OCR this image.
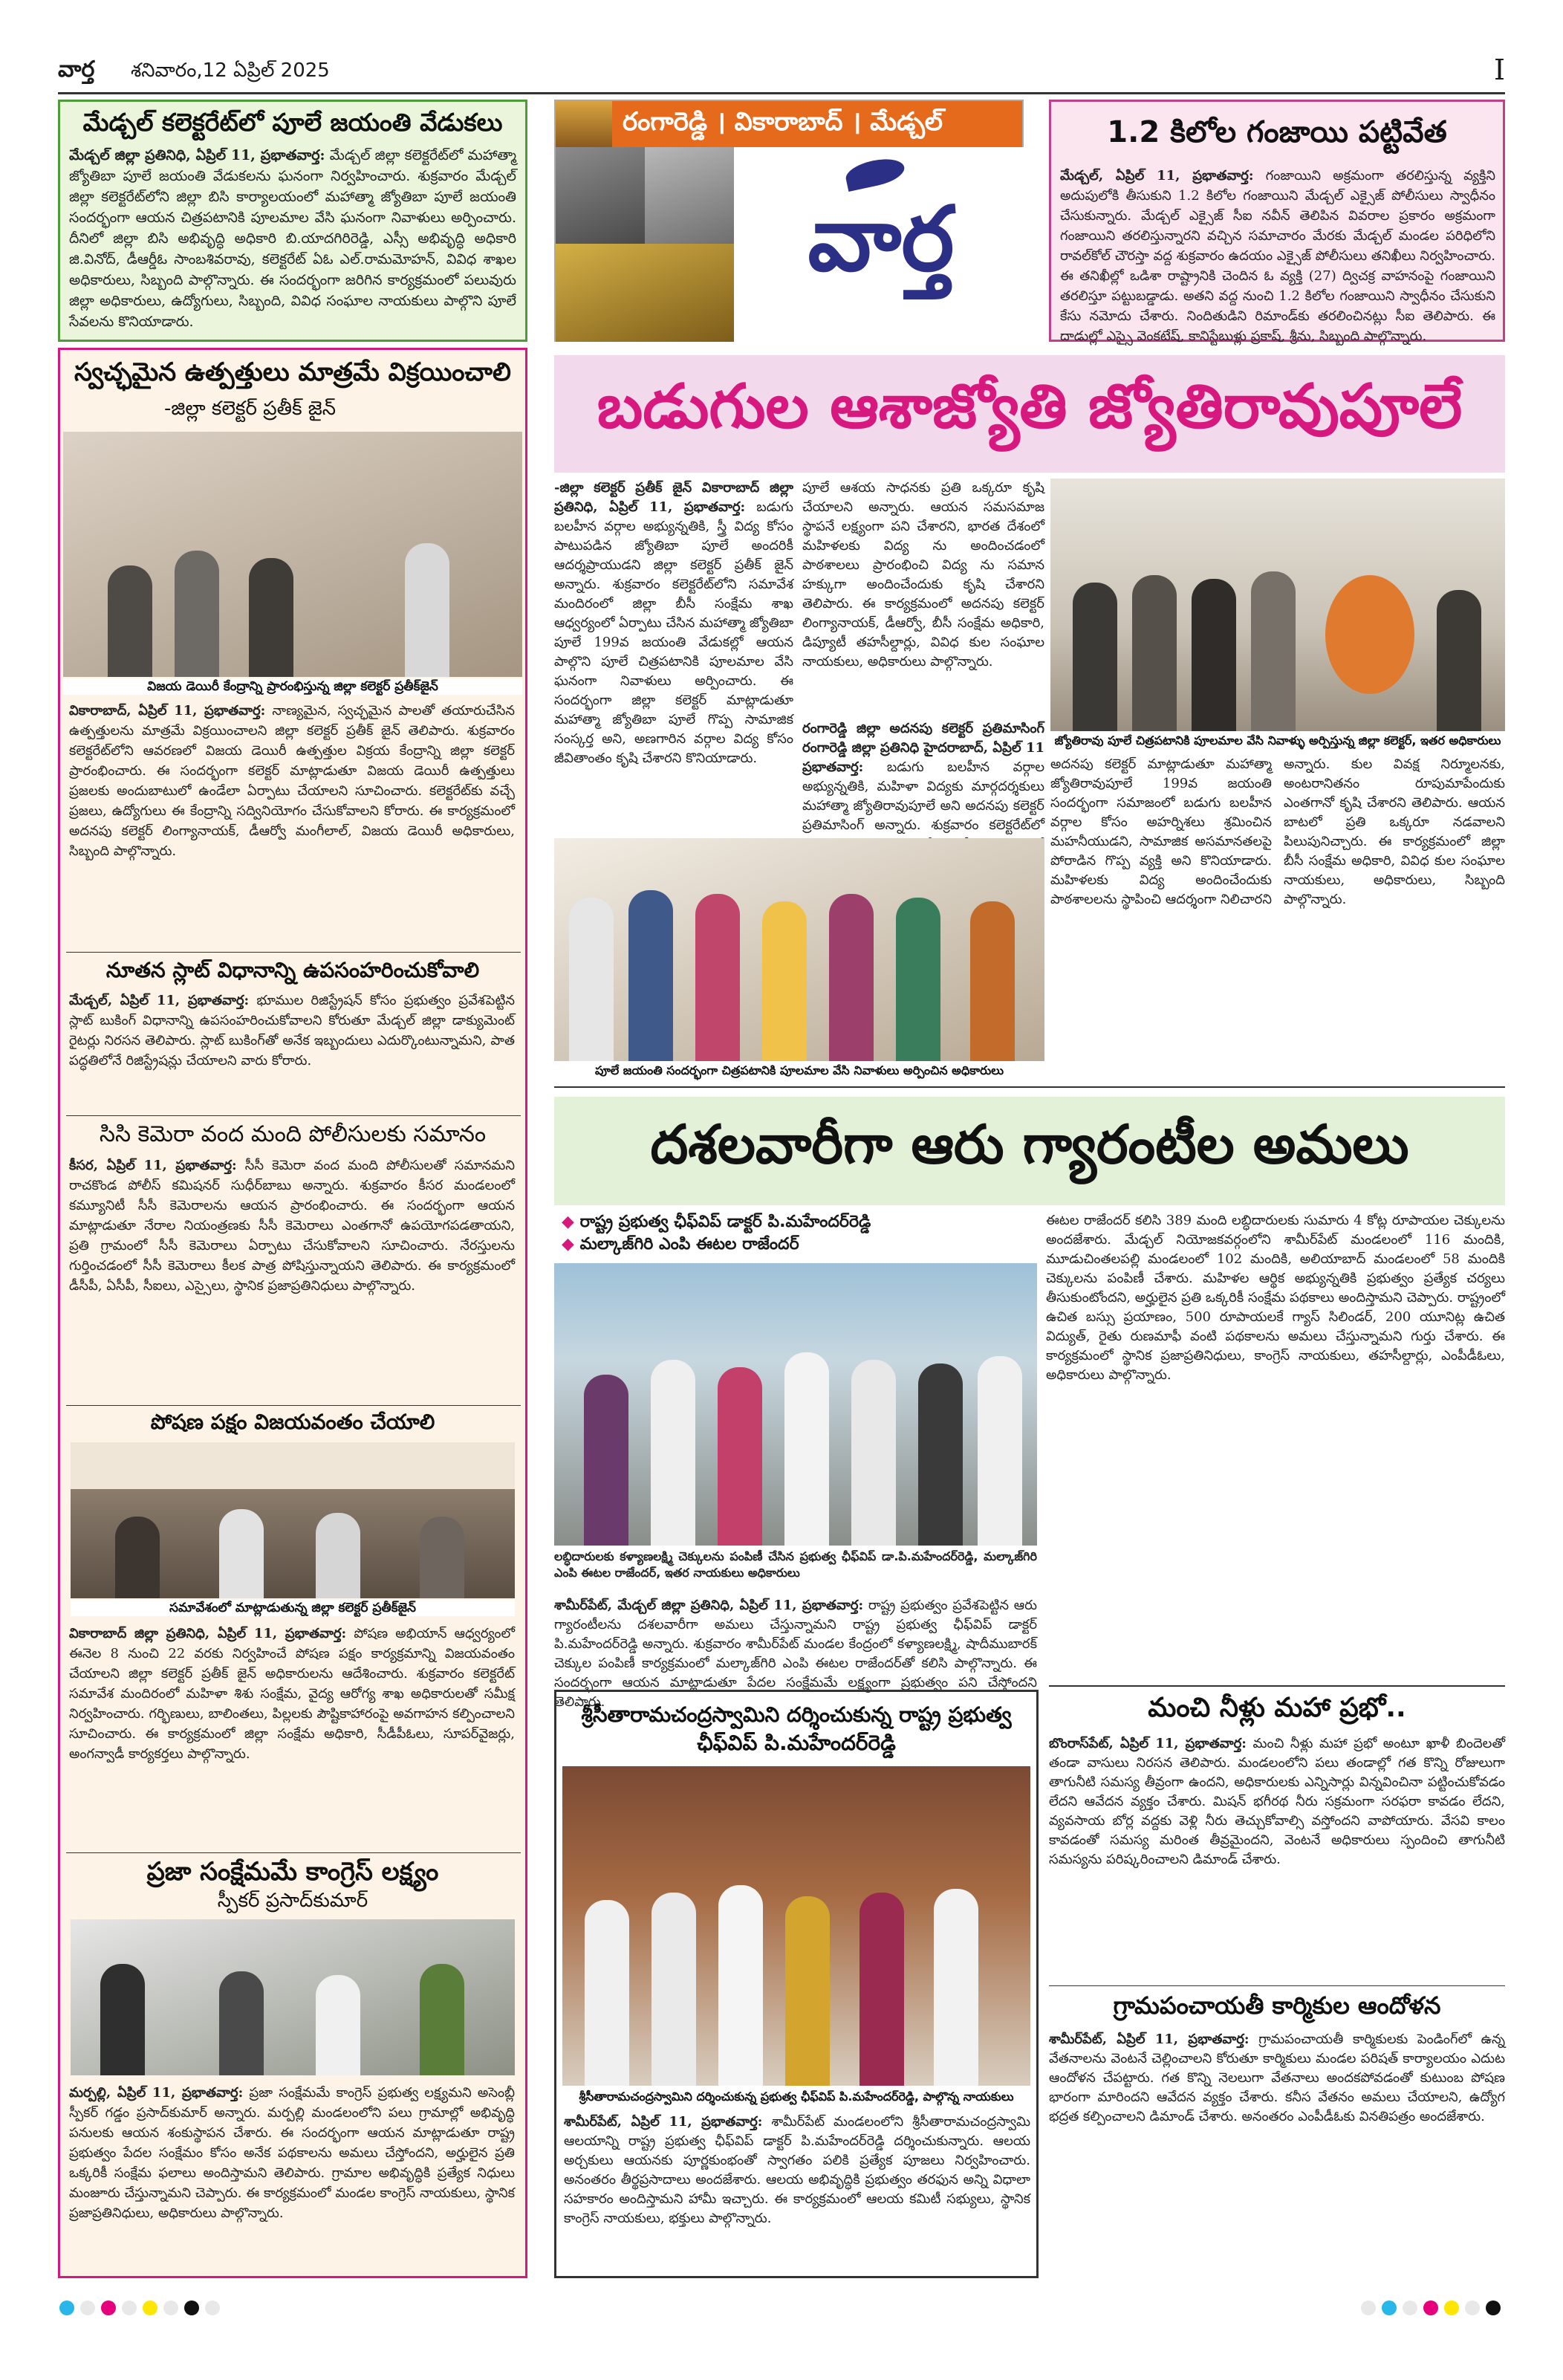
వార్త శనివారం,12 ఏప్రిల్ 2025	I
మేడ్చల్ కలెక్టరేట్‌లో పూలే జయంతి వేడుకలు
మేడ్చల్ జిల్లా ప్రతినిధి, ఏప్రిల్ 11, ప్రభాతవార్త: మేడ్చల్ జిల్లా కలెక్టరేట్‌లో మహాత్మా జ్యోతిబా పూలే జయంతి వేడుకలను ఘనంగా నిర్వహించారు. శుక్రవారం మేడ్చల్ జిల్లా కలెక్టరేట్‌లోని జిల్లా బిసి కార్యాలయంలో మహాత్మా జ్యోతిబా పూలే జయంతి సందర్భంగా ఆయన చిత్రపటానికి పూలమాల వేసి ఘనంగా నివాళులు అర్పించారు. దీనిలో జిల్లా బిసి అభివృద్ధి అధికారి బి.యాదగిరిరెడ్డి, ఎస్సీ అభివృద్ధి అధికారి జి.వినోద్, డీఆర్డీఓ సాంబశివరావు, కలెక్టరేట్ ఏఓ ఎల్.రామమోహన్, వివిధ శాఖల అధికారులు, సిబ్బంది పాల్గొన్నారు. ఈ సందర్భంగా జరిగిన కార్యక్రమంలో పలువురు జిల్లా అధికారులు, ఉద్యోగులు, సిబ్బంది, వివిధ సంఘాల నాయకులు పాల్గొని పూలే సేవలను కొనియాడారు.
రంగారెడ్డి । వికారాబాద్ । మేడ్చల్
వార్త
1.2 కిలోల గంజాయి పట్టివేత
మేడ్చల్, ఏప్రిల్ 11, ప్రభాతవార్త: గంజాయిని అక్రమంగా తరలిస్తున్న వ్యక్తిని అదుపులోకి తీసుకుని 1.2 కిలోల గంజాయిని మేడ్చల్ ఎక్సైజ్ పోలీసులు స్వాధీనం చేసుకున్నారు. మేడ్చల్ ఎక్సైజ్ సీఐ నవీన్ తెలిపిన వివరాల ప్రకారం అక్రమంగా గంజాయిని తరలిస్తున్నారని వచ్చిన సమాచారం మేరకు మేడ్చల్ మండల పరిధిలోని రావల్‌కోల్ చౌరస్తా వద్ద శుక్రవారం ఉదయం ఎక్సైజ్ పోలీసులు తనిఖీలు నిర్వహించారు. ఈ తనిఖీల్లో ఒడిశా రాష్ట్రానికి చెందిన ఓ వ్యక్తి (27) ద్విచక్ర వాహనంపై గంజాయిని తరలిస్తూ పట్టుబడ్డాడు. అతని వద్ద నుంచి 1.2 కిలోల గంజాయిని స్వాధీనం చేసుకుని కేసు నమోదు చేశారు. నిందితుడిని రిమాండ్‌కు తరలించినట్లు సీఐ తెలిపారు. ఈ దాడుల్లో ఎస్సై వెంకటేష్, కానిస్టేబుళ్లు ప్రకాష్, శ్రీను, సిబ్బంది పాల్గొన్నారు.
స్వచ్ఛమైన ఉత్పత్తులు మాత్రమే విక్రయించాలి
-జిల్లా కలెక్టర్ ప్రతీక్ జైన్
విజయ డెయిరీ కేంద్రాన్ని ప్రారంభిస్తున్న జిల్లా కలెక్టర్ ప్రతీక్‌జైన్
వికారాబాద్, ఏప్రిల్ 11, ప్రభాతవార్త: నాణ్యమైన, స్వచ్ఛమైన పాలతో తయారుచేసిన ఉత్పత్తులను మాత్రమే విక్రయించాలని జిల్లా కలెక్టర్ ప్రతీక్ జైన్ తెలిపారు. శుక్రవారం కలెక్టరేట్‌లోని ఆవరణలో విజయ డెయిరీ ఉత్పత్తుల విక్రయ కేంద్రాన్ని జిల్లా కలెక్టర్ ప్రారంభించారు. ఈ సందర్భంగా కలెక్టర్ మాట్లాడుతూ విజయ డెయిరీ ఉత్పత్తులు ప్రజలకు అందుబాటులో ఉండేలా ఏర్పాటు చేయాలని సూచించారు. కలెక్టరేట్‌కు వచ్చే ప్రజలు, ఉద్యోగులు ఈ కేంద్రాన్ని సద్వినియోగం చేసుకోవాలని కోరారు. ఈ కార్యక్రమంలో అదనపు కలెక్టర్ లింగ్యానాయక్, డీఆర్వో మంగీలాల్, విజయ డెయిరీ అధికారులు, సిబ్బంది పాల్గొన్నారు.
నూతన స్లాట్ విధానాన్ని ఉపసంహరించుకోవాలి
మేడ్చల్, ఏప్రిల్ 11, ప్రభాతవార్త: భూముల రిజిస్ట్రేషన్ కోసం ప్రభుత్వం ప్రవేశపెట్టిన స్లాట్ బుకింగ్ విధానాన్ని ఉపసంహరించుకోవాలని కోరుతూ మేడ్చల్ జిల్లా డాక్యుమెంట్ రైటర్లు నిరసన తెలిపారు. స్లాట్ బుకింగ్‌తో అనేక ఇబ్బందులు ఎదుర్కొంటున్నామని, పాత పద్ధతిలోనే రిజిస్ట్రేషన్లు చేయాలని వారు కోరారు.
సిసి కెమెరా వంద మంది పోలీసులకు సమానం
కీసర, ఏప్రిల్ 11, ప్రభాతవార్త: సీసీ కెమెరా వంద మంది పోలీసులతో సమానమని రాచకొండ పోలీస్ కమిషనర్ సుధీర్‌బాబు అన్నారు. శుక్రవారం కీసర మండలంలో కమ్యూనిటీ సీసీ కెమెరాలను ఆయన ప్రారంభించారు. ఈ సందర్భంగా ఆయన మాట్లాడుతూ నేరాల నియంత్రణకు సీసీ కెమెరాలు ఎంతగానో ఉపయోగపడతాయని, ప్రతి గ్రామంలో సీసీ కెమెరాలు ఏర్పాటు చేసుకోవాలని సూచించారు. నేరస్తులను గుర్తించడంలో సీసీ కెమెరాలు కీలక పాత్ర పోషిస్తున్నాయని తెలిపారు. ఈ కార్యక్రమంలో డీసీపీ, ఏసీపీ, సీఐలు, ఎస్సైలు, స్థానిక ప్రజాప్రతినిధులు పాల్గొన్నారు.
పోషణ పక్షం విజయవంతం చేయాలి
సమావేశంలో మాట్లాడుతున్న జిల్లా కలెక్టర్ ప్రతీక్‌జైన్
వికారాబాద్ జిల్లా ప్రతినిధి, ఏప్రిల్ 11, ప్రభాతవార్త: పోషణ అభియాన్ ఆధ్వర్యంలో ఈనెల 8 నుంచి 22 వరకు నిర్వహించే పోషణ పక్షం కార్యక్రమాన్ని విజయవంతం చేయాలని జిల్లా కలెక్టర్ ప్రతీక్ జైన్ అధికారులను ఆదేశించారు. శుక్రవారం కలెక్టరేట్ సమావేశ మందిరంలో మహిళా శిశు సంక్షేమ, వైద్య ఆరోగ్య శాఖ అధికారులతో సమీక్ష నిర్వహించారు. గర్భిణులు, బాలింతలు, పిల్లలకు పౌష్టికాహారంపై అవగాహన కల్పించాలని సూచించారు. ఈ కార్యక్రమంలో జిల్లా సంక్షేమ అధికారి, సీడీపీఓలు, సూపర్‌వైజర్లు, అంగన్వాడీ కార్యకర్తలు పాల్గొన్నారు.
ప్రజా సంక్షేమమే కాంగ్రెస్ లక్ష్యం
స్పీకర్ ప్రసాద్‌కుమార్
మర్పల్లి, ఏప్రిల్ 11, ప్రభాతవార్త: ప్రజా సంక్షేమమే కాంగ్రెస్ ప్రభుత్వ లక్ష్యమని అసెంబ్లీ స్పీకర్ గడ్డం ప్రసాద్‌కుమార్ అన్నారు. మర్పల్లి మండలంలోని పలు గ్రామాల్లో అభివృద్ధి పనులకు ఆయన శంకుస్థాపన చేశారు. ఈ సందర్భంగా ఆయన మాట్లాడుతూ రాష్ట్ర ప్రభుత్వం పేదల సంక్షేమం కోసం అనేక పథకాలను అమలు చేస్తోందని, అర్హులైన ప్రతి ఒక్కరికీ సంక్షేమ ఫలాలు అందిస్తామని తెలిపారు. గ్రామాల అభివృద్ధికి ప్రత్యేక నిధులు మంజూరు చేస్తున్నామని చెప్పారు. ఈ కార్యక్రమంలో మండల కాంగ్రెస్ నాయకులు, స్థానిక ప్రజాప్రతినిధులు, అధికారులు పాల్గొన్నారు.
బడుగుల ఆశాజ్యోతి జ్యోతిరావుపూలే
-జిల్లా కలెక్టర్ ప్రతీక్ జైన్ వికారాబాద్ జిల్లా ప్రతినిధి, ఏప్రిల్ 11, ప్రభాతవార్త: బడుగు బలహీన వర్గాల అభ్యున్నతికి, స్త్రీ విద్య కోసం పాటుపడిన జ్యోతిబా పూలే అందరికీ ఆదర్శప్రాయుడని జిల్లా కలెక్టర్ ప్రతీక్ జైన్ అన్నారు. శుక్రవారం కలెక్టరేట్‌లోని సమావేశ మందిరంలో జిల్లా బీసీ సంక్షేమ శాఖ ఆధ్వర్యంలో ఏర్పాటు చేసిన మహాత్మా జ్యోతిబా పూలే 199వ జయంతి వేడుకల్లో ఆయన పాల్గొని పూలే చిత్రపటానికి పూలమాల వేసి ఘనంగా నివాళులు అర్పించారు. ఈ సందర్భంగా జిల్లా కలెక్టర్ మాట్లాడుతూ మహాత్మా జ్యోతిబా పూలే గొప్ప సామాజిక సంస్కర్త అని, అణగారిన వర్గాల విద్య కోసం జీవితాంతం కృషి చేశారని కొనియాడారు.
పూలే ఆశయ సాధనకు ప్రతి ఒక్కరూ కృషి చేయాలని అన్నారు. ఆయన సమసమాజ స్థాపనే లక్ష్యంగా పని చేశారని, భారత దేశంలో మహిళలకు విద్య ను అందించడంలో పాఠశాలలు ప్రారంభించి విద్య ను సమాన హక్కుగా అందించేందుకు కృషి చేశారని తెలిపారు. ఈ కార్యక్రమంలో అదనపు కలెక్టర్ లింగ్యానాయక్, డీఆర్వో, బీసీ సంక్షేమ అధికారి, డిప్యూటీ తహసీల్దార్లు, వివిధ కుల సంఘాల నాయకులు, అధికారులు పాల్గొన్నారు.
రంగారెడ్డి జిల్లా అదనపు కలెక్టర్ ప్రతిమాసింగ్ రంగారెడ్డి జిల్లా ప్రతినిధి హైదరాబాద్, ఏప్రిల్ 11 ప్రభాతవార్త: బడుగు బలహీన వర్గాల అభ్యున్నతికి, మహిళా విద్యకు మార్గదర్శకులు మహాత్మా జ్యోతిరావుపూలే అని అదనపు కలెక్టర్ ప్రతిమాసింగ్ అన్నారు. శుక్రవారం కలెక్టరేట్‌లో
జ్యోతిరావు పూలే చిత్రపటానికి పూలమాల వేసి నివాళ్ళు అర్పిస్తున్న జిల్లా కలెక్టర్, ఇతర అధికారులు
పూలే జయంతి సందర్భంగా చిత్రపటానికి పూలమాల వేసి నివాళులు అర్పించిన అధికారులు
అదనపు కలెక్టర్ మాట్లాడుతూ మహాత్మా జ్యోతిరావుపూలే 199వ జయంతి సందర్భంగా సమాజంలో బడుగు బలహీన వర్గాల కోసం అహర్నిశలు శ్రమించిన మహనీయుడని, సామాజిక అసమానతలపై పోరాడిన గొప్ప వ్యక్తి అని కొనియాడారు. మహిళలకు విద్య అందించేందుకు పాఠశాలలను స్థాపించి ఆదర్శంగా నిలిచారని అన్నారు. కుల వివక్ష నిర్మూలనకు, అంటరానితనం రూపుమాపేందుకు ఎంతగానో కృషి చేశారని తెలిపారు. ఆయన బాటలో ప్రతి ఒక్కరూ నడవాలని పిలుపునిచ్చారు. ఈ కార్యక్రమంలో జిల్లా బీసీ సంక్షేమ అధికారి, వివిధ కుల సంఘాల నాయకులు, అధికారులు, సిబ్బంది పాల్గొన్నారు.
దశలవారీగా ఆరు గ్యారంటీల అమలు
◆ రాష్ట్ర ప్రభుత్వ ఛీఫ్‌విప్ డాక్టర్ పి.మహేందర్‌రెడ్డి
◆ మల్కాజ్‌గిరి ఎంపి ఈటల రాజేందర్
లబ్ధిదారులకు కళ్యాణలక్ష్మి చెక్కులను పంపిణీ చేసిన ప్రభుత్వ ఛీఫ్‌విప్ డా.పి.మహేందర్‌రెడ్డి, మల్కాజ్‌గిరి ఎంపి ఈటల రాజేందర్, ఇతర నాయకులు అధికారులు
శామీర్‌పేట్, మేడ్చల్ జిల్లా ప్రతినిధి, ఏప్రిల్ 11, ప్రభాతవార్త: రాష్ట్ర ప్రభుత్వం ప్రవేశపెట్టిన ఆరు గ్యారంటీలను దశలవారీగా అమలు చేస్తున్నామని రాష్ట్ర ప్రభుత్వ ఛీఫ్‌విప్ డాక్టర్ పి.మహేందర్‌రెడ్డి అన్నారు. శుక్రవారం శామీర్‌పేట్ మండల కేంద్రంలో కళ్యాణలక్ష్మి, షాదీముబారక్ చెక్కుల పంపిణీ కార్యక్రమంలో మల్కాజ్‌గిరి ఎంపి ఈటల రాజేందర్‌తో కలిసి పాల్గొన్నారు. ఈ సందర్భంగా ఆయన మాట్లాడుతూ పేదల సంక్షేమమే లక్ష్యంగా ప్రభుత్వం పని చేస్తోందని తెలిపారు.
ఈటల రాజేందర్ కలిసి 389 మంది లబ్ధిదారులకు సుమారు 4 కోట్ల రూపాయల చెక్కులను అందజేశారు. మేడ్చల్ నియోజకవర్గంలోని శామీర్‌పేట్ మండలంలో 116 మందికి, మూడుచింతలపల్లి మండలంలో 102 మందికి, అలియాబాద్ మండలంలో 58 మందికి చెక్కులను పంపిణీ చేశారు. మహిళల ఆర్థిక అభ్యున్నతికి ప్రభుత్వం ప్రత్యేక చర్యలు తీసుకుంటోందని, అర్హులైన ప్రతి ఒక్కరికీ సంక్షేమ పథకాలు అందిస్తామని చెప్పారు. రాష్ట్రంలో ఉచిత బస్సు ప్రయాణం, 500 రూపాయలకే గ్యాస్ సిలిండర్, 200 యూనిట్ల ఉచిత విద్యుత్, రైతు రుణమాఫీ వంటి పథకాలను అమలు చేస్తున్నామని గుర్తు చేశారు. ఈ కార్యక్రమంలో స్థానిక ప్రజాప్రతినిధులు, కాంగ్రెస్ నాయకులు, తహసీల్దార్లు, ఎంపీడీఓలు, అధికారులు పాల్గొన్నారు.
శ్రీసీతారామచంద్రస్వామిని దర్శించుకున్న రాష్ట్ర ప్రభుత్వ ఛీఫ్‌విప్ పి.మహేందర్‌రెడ్డి
శ్రీసీతారామచంద్రస్వామిని దర్శించుకున్న ప్రభుత్వ ఛీఫ్‌విప్ పి.మహేందర్‌రెడ్డి, పాల్గొన్న నాయకులు
శామీర్‌పేట్, ఏప్రిల్ 11, ప్రభాతవార్త: శామీర్‌పేట్ మండలంలోని శ్రీసీతారామచంద్రస్వామి ఆలయాన్ని రాష్ట్ర ప్రభుత్వ ఛీఫ్‌విప్ డాక్టర్ పి.మహేందర్‌రెడ్డి దర్శించుకున్నారు. ఆలయ అర్చకులు ఆయనకు పూర్ణకుంభంతో స్వాగతం పలికి ప్రత్యేక పూజలు నిర్వహించారు. అనంతరం తీర్థప్రసాదాలు అందజేశారు. ఆలయ అభివృద్ధికి ప్రభుత్వం తరఫున అన్ని విధాలా సహకారం అందిస్తామని హామీ ఇచ్చారు. ఈ కార్యక్రమంలో ఆలయ కమిటీ సభ్యులు, స్థానిక కాంగ్రెస్ నాయకులు, భక్తులు పాల్గొన్నారు.
మంచి నీళ్లు మహా ప్రభో..
బొంరాస్‌పేట్, ఏప్రిల్ 11, ప్రభాతవార్త: మంచి నీళ్లు మహా ప్రభో అంటూ ఖాళీ బిందెలతో తండా వాసులు నిరసన తెలిపారు. మండలంలోని పలు తండాల్లో గత కొన్ని రోజులుగా తాగునీటి సమస్య తీవ్రంగా ఉందని, అధికారులకు ఎన్నిసార్లు విన్నవించినా పట్టించుకోవడం లేదని ఆవేదన వ్యక్తం చేశారు. మిషన్ భగీరథ నీరు సక్రమంగా సరఫరా కావడం లేదని, వ్యవసాయ బోర్ల వద్దకు వెళ్లి నీరు తెచ్చుకోవాల్సి వస్తోందని వాపోయారు. వేసవి కాలం కావడంతో సమస్య మరింత తీవ్రమైందని, వెంటనే అధికారులు స్పందించి తాగునీటి సమస్యను పరిష్కరించాలని డిమాండ్ చేశారు.
గ్రామపంచాయతీ కార్మికుల ఆందోళన
శామీర్‌పేట్, ఏప్రిల్ 11, ప్రభాతవార్త: గ్రామపంచాయతీ కార్మికులకు పెండింగ్‌లో ఉన్న వేతనాలను వెంటనే చెల్లించాలని కోరుతూ కార్మికులు మండల పరిషత్ కార్యాలయం ఎదుట ఆందోళన చేపట్టారు. గత కొన్ని నెలలుగా వేతనాలు అందకపోవడంతో కుటుంబ పోషణ భారంగా మారిందని ఆవేదన వ్యక్తం చేశారు. కనీస వేతనం అమలు చేయాలని, ఉద్యోగ భద్రత కల్పించాలని డిమాండ్ చేశారు. అనంతరం ఎంపీడీఓకు వినతిపత్రం అందజేశారు.
